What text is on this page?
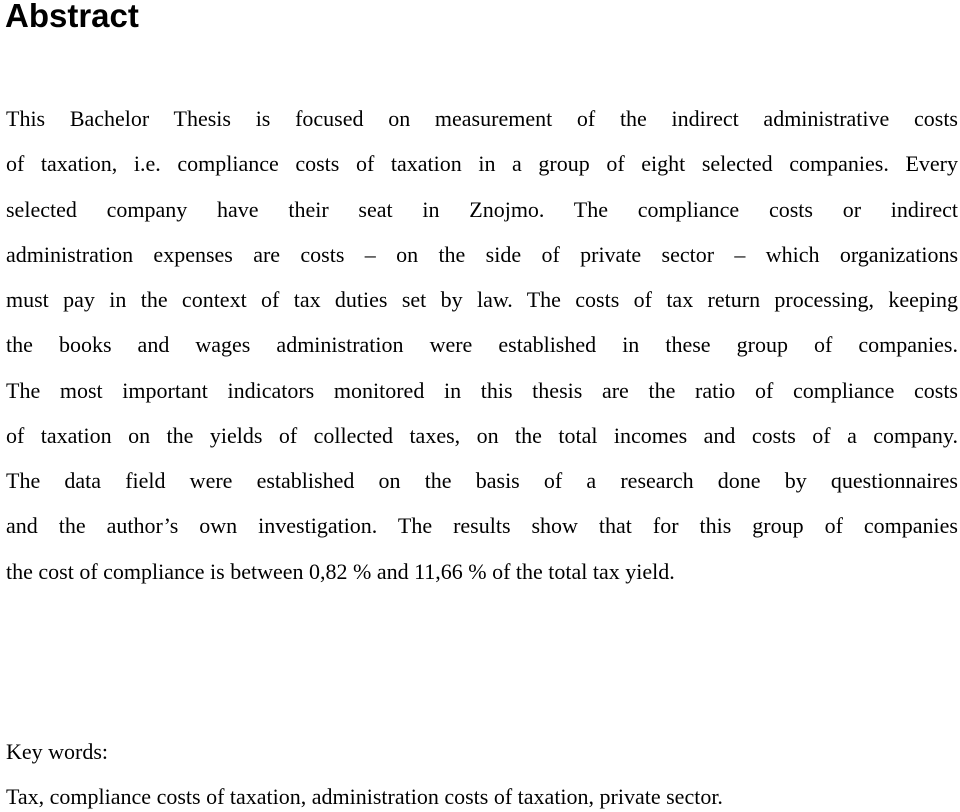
Abstract
This Bachelor Thesis is focused on measurement of the indirect administrative costs
of taxation, i.e. compliance costs of taxation in a group of eight selected companies. Every
selected company have their seat in Znojmo. The compliance costs or indirect
administration expenses are costs – on the side of private sector – which organizations
must pay in the context of tax duties set by law. The costs of tax return processing, keeping
the books and wages administration were established in these group of companies.
The most important indicators monitored in this thesis are the ratio of compliance costs
of taxation on the yields of collected taxes, on the total incomes and costs of a company.
The data field were established on the basis of a research done by questionnaires
and the author’s own investigation. The results show that for this group of companies
the cost of compliance is between 0,82 % and 11,66 % of the total tax yield.
Key words:
Tax, compliance costs of taxation, administration costs of taxation, private sector.
